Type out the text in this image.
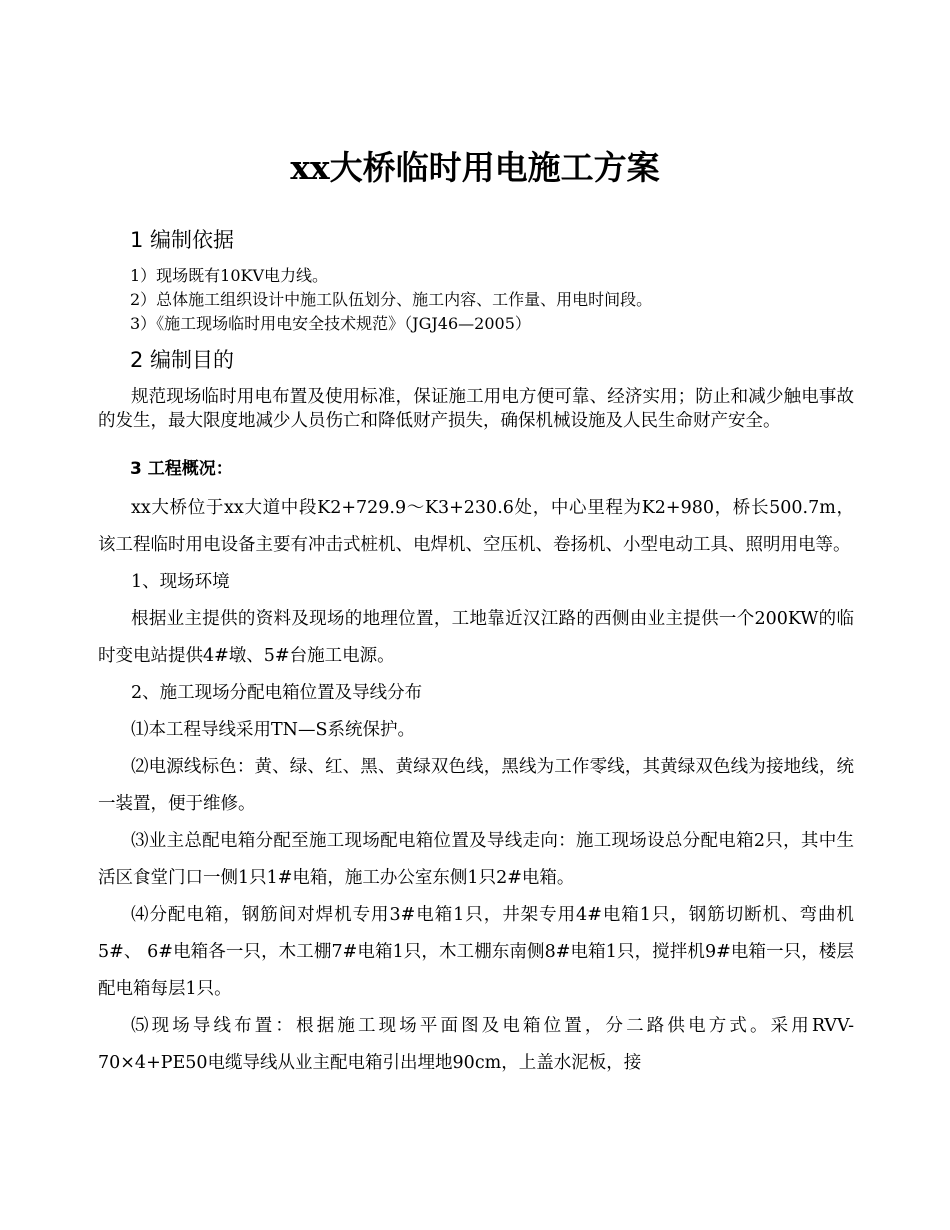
xx大桥临时用电施工方案
1 编制依据
1）现场既有10KV电力线。
2）总体施工组织设计中施工队伍划分、施工内容、工作量、用电时间段。
3）《施工现场临时用电安全技术规范》（JGJ46—2005）
2 编制目的
规范现场临时用电布置及使用标准，保证施工用电方便可靠、经济实用；防止和减少触电事故的发生，最大限度地减少人员伤亡和降低财产损失，确保机械设施及人民生命财产安全。
3 工程概况：

xx大桥位于xx大道中段K2+729.9～K3+230.6处，中心里程为K2+980，桥长500.7m，该工程临时用电设备主要有冲击式桩机、电焊机、空压机、卷扬机、小型电动工具、照明用电等。

1、现场环境

根据业主提供的资料及现场的地理位置，工地靠近汉江路的西侧由业主提供一个200KW的临时变电站提供4#墩、5#台施工电源。

2、施工现场分配电箱位置及导线分布

⑴本工程导线采用TN—S系统保护。

⑵电源线标色：黄、绿、红、黑、黄绿双色线，黑线为工作零线，其黄绿双色线为接地线，统一装置，便于维修。

⑶业主总配电箱分配至施工现场配电箱位置及导线走向：施工现场设总分配电箱2只，其中生活区食堂门口一侧1只1#电箱，施工办公室东侧1只2#电箱。

⑷分配电箱，钢筋间对焊机专用3#电箱1只，井架专用4#电箱1只，钢筋切断机、弯曲机5#、 6#电箱各一只，木工棚7#电箱1只，木工棚东南侧8#电箱1只，搅拌机9#电箱一只，楼层配电箱每层1只。

⑸现场导线布置：根据施工现场平面图及电箱位置，分二路供电方式。采用RVV-70×4+PE50电缆导线从业主配电箱引出埋地90cm，上盖水泥板，接
